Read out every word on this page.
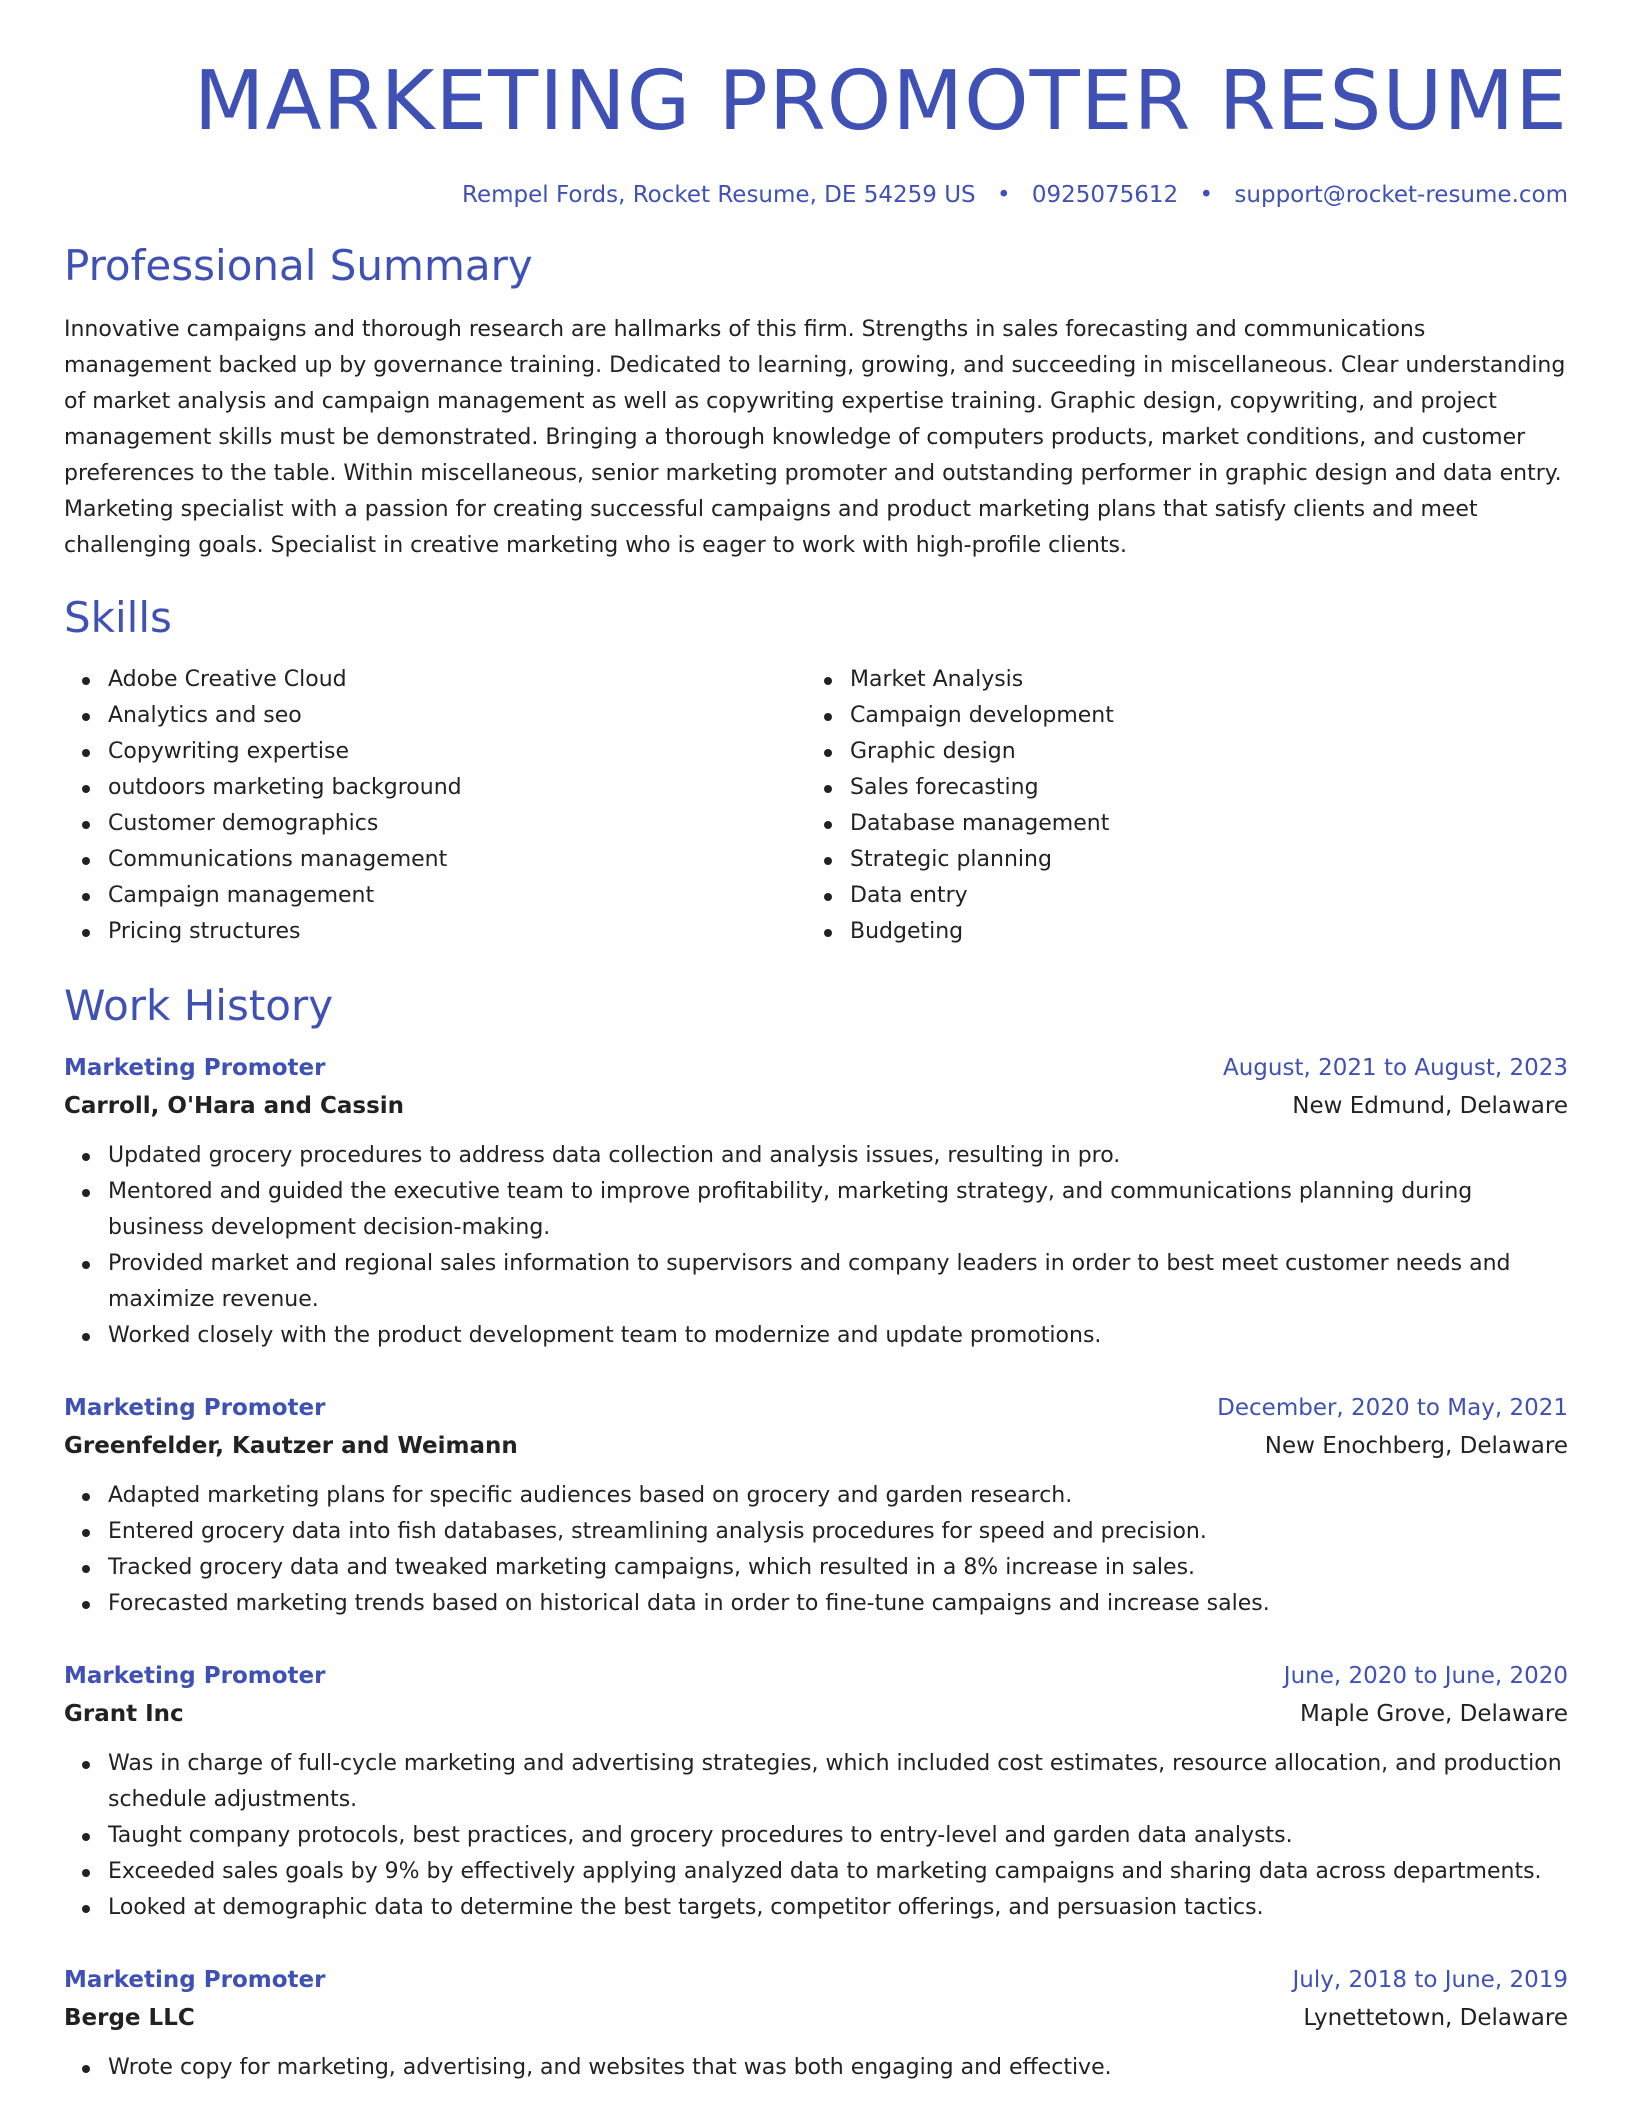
MARKETING PROMOTER RESUME
Rempel Fords, Rocket Resume, DE 54259 US • 0925075612 • support@rocket-resume.com
Professional Summary

Innovative campaigns and thorough research are hallmarks of this firm. Strengths in sales forecasting and communications management backed up by governance training. Dedicated to learning, growing, and succeeding in miscellaneous. Clear understanding of market analysis and campaign management as well as copywriting expertise training. Graphic design, copywriting, and project management skills must be demonstrated. Bringing a thorough knowledge of computers products, market conditions, and customer preferences to the table. Within miscellaneous, senior marketing promoter and outstanding performer in graphic design and data entry. Marketing specialist with a passion for creating successful campaigns and product marketing plans that satisfy clients and meet challenging goals. Specialist in creative marketing who is eager to work with high-profile clients.

Skills
Adobe Creative Cloud
Analytics and seo
Copywriting expertise
outdoors marketing background
Customer demographics
Communications management
Campaign management
Pricing structures
Market Analysis
Campaign development
Graphic design
Sales forecasting
Database management
Strategic planning
Data entry
Budgeting
Work History
Marketing Promoter	August, 2021 to August, 2023
Carroll, O'Hara and Cassin	New Edmund, Delaware
Updated grocery procedures to address data collection and analysis issues, resulting in pro.
Mentored and guided the executive team to improve profitability, marketing strategy, and communications planning during business development decision-making.
Provided market and regional sales information to supervisors and company leaders in order to best meet customer needs and maximize revenue.
Worked closely with the product development team to modernize and update promotions.
Marketing Promoter	December, 2020 to May, 2021
Greenfelder, Kautzer and Weimann	New Enochberg, Delaware
Adapted marketing plans for specific audiences based on grocery and garden research.
Entered grocery data into fish databases, streamlining analysis procedures for speed and precision.
Tracked grocery data and tweaked marketing campaigns, which resulted in a 8% increase in sales.
Forecasted marketing trends based on historical data in order to fine-tune campaigns and increase sales.
Marketing Promoter	June, 2020 to June, 2020
Grant Inc	Maple Grove, Delaware
Was in charge of full-cycle marketing and advertising strategies, which included cost estimates, resource allocation, and production schedule adjustments.
Taught company protocols, best practices, and grocery procedures to entry-level and garden data analysts.
Exceeded sales goals by 9% by effectively applying analyzed data to marketing campaigns and sharing data across departments.
Looked at demographic data to determine the best targets, competitor offerings, and persuasion tactics.
Marketing Promoter	July, 2018 to June, 2019
Berge LLC	Lynettetown, Delaware
Wrote copy for marketing, advertising, and websites that was both engaging and effective.
